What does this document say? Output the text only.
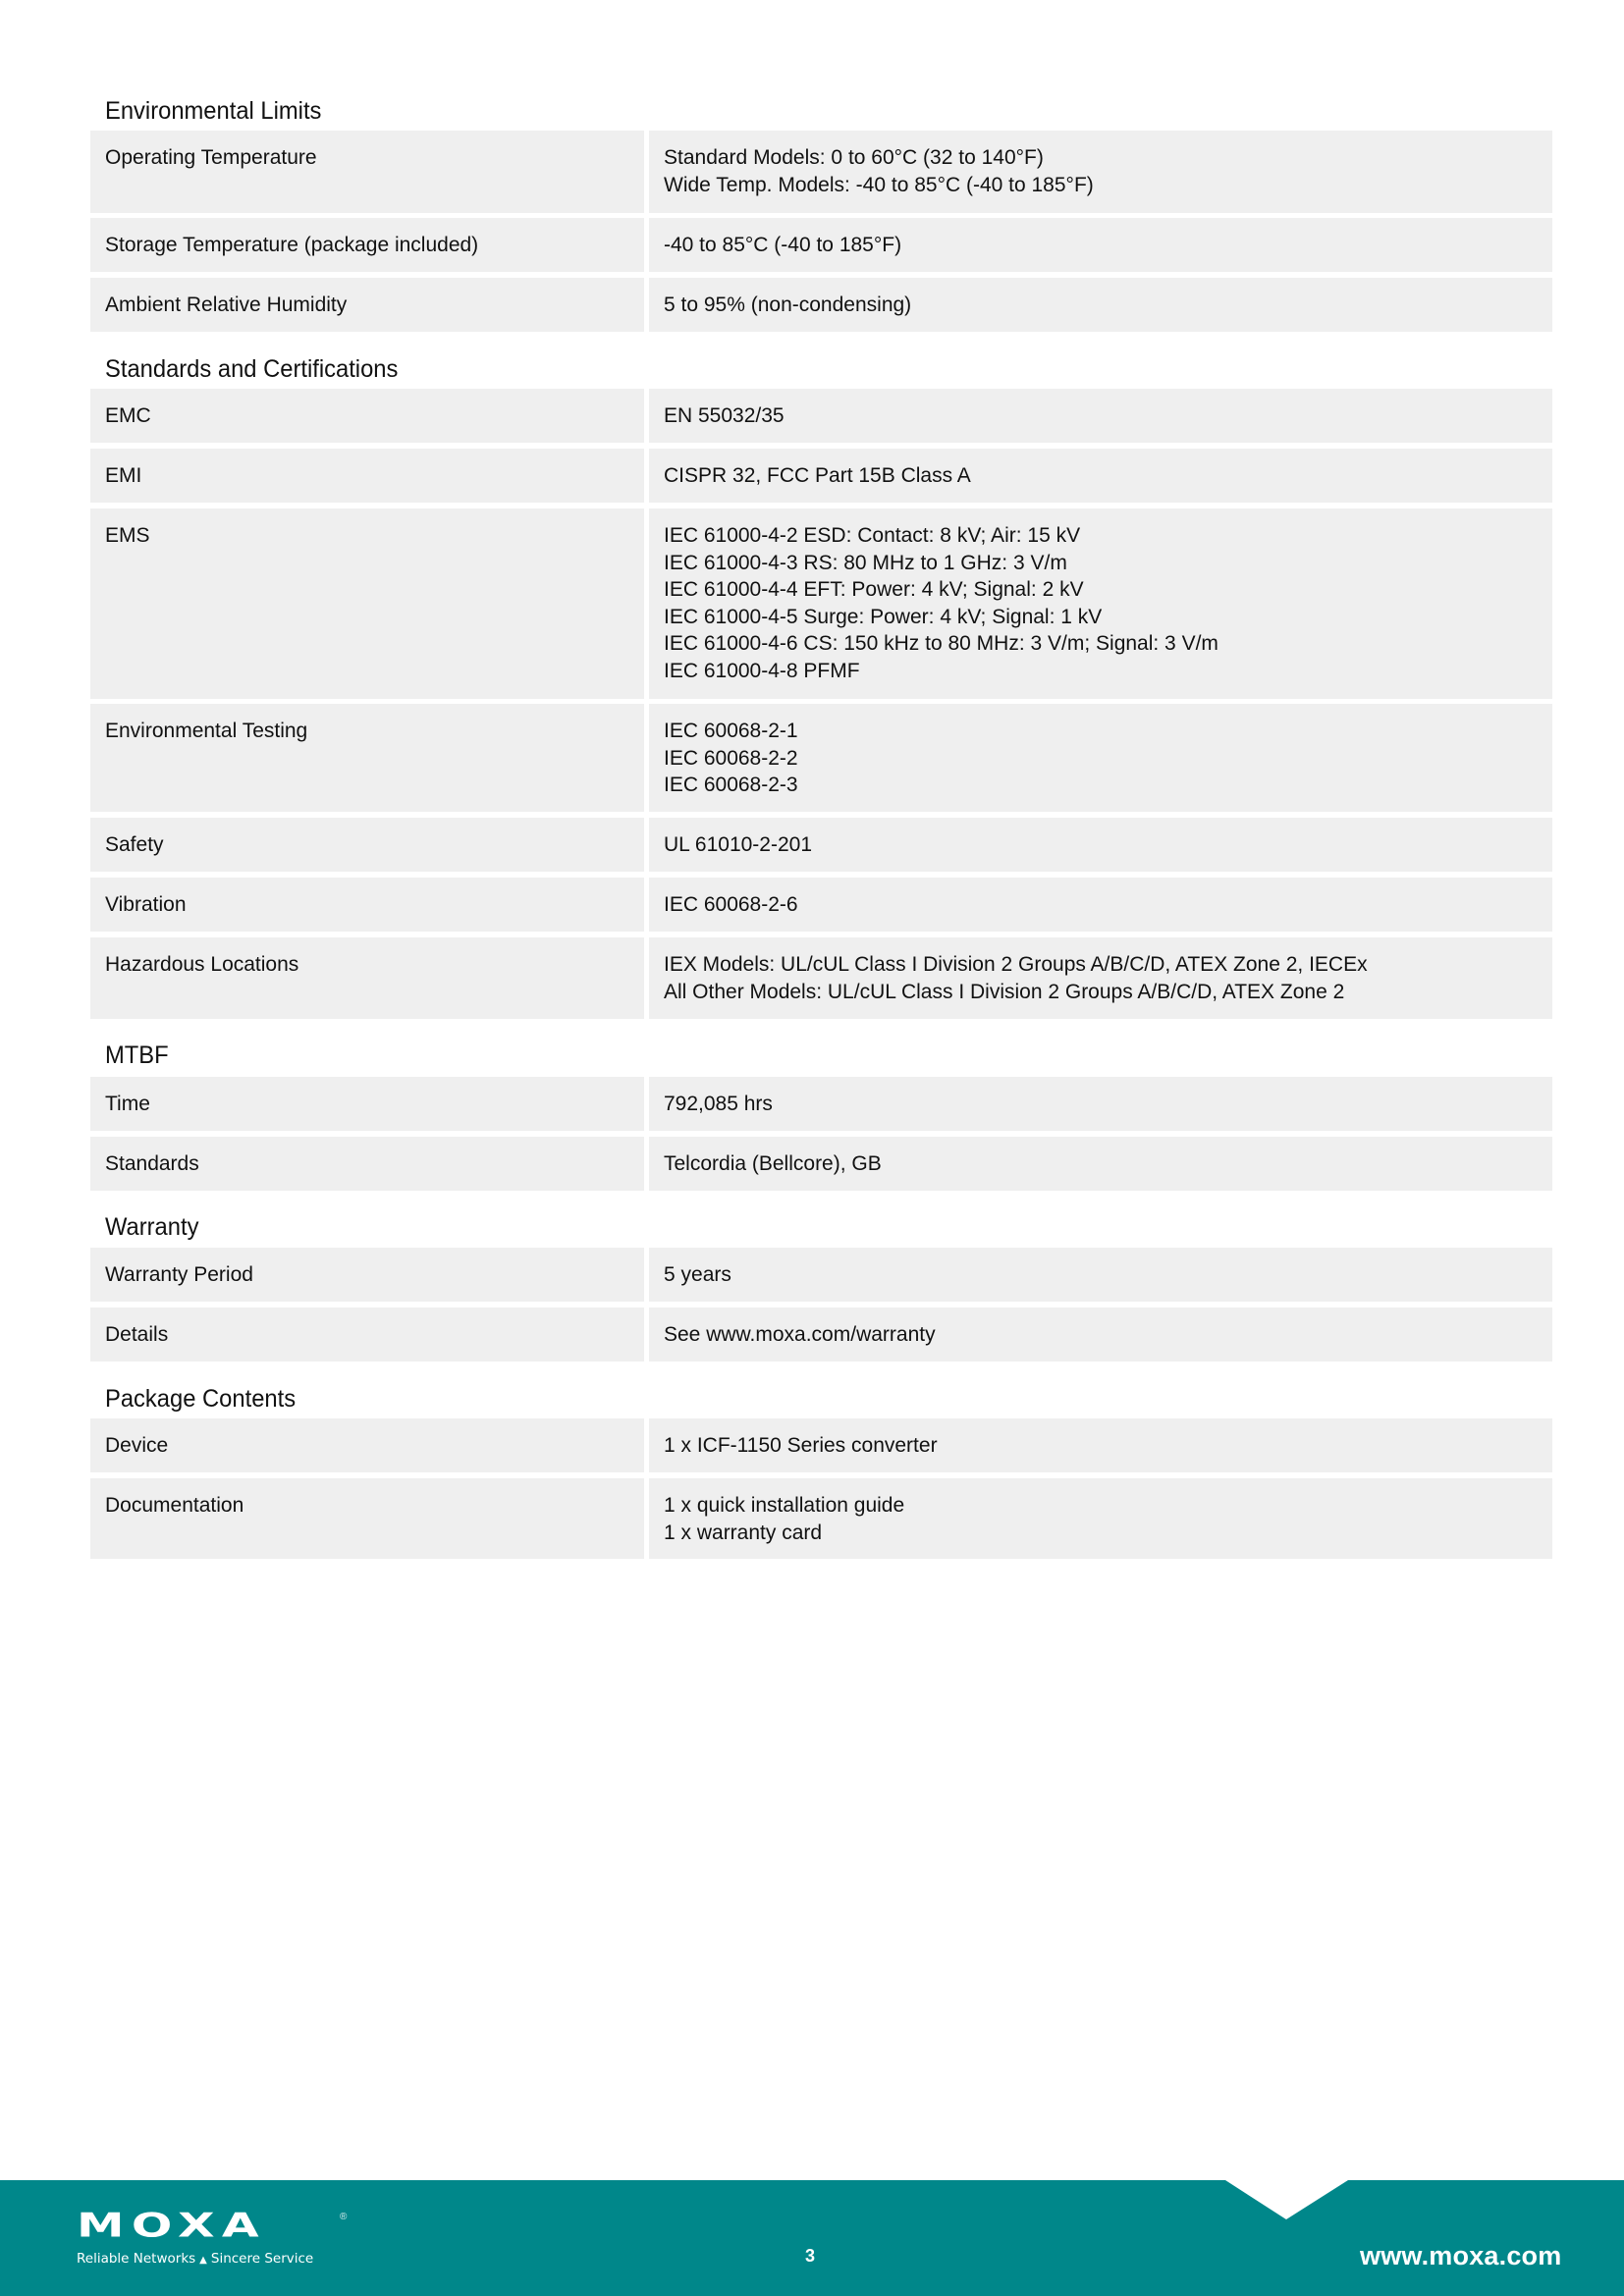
Environmental Limits
Operating Temperature	Standard Models: 0 to 60°C (32 to 140°F)
Wide Temp. Models: -40 to 85°C (-40 to 185°F)
Storage Temperature (package included)	-40 to 85°C (-40 to 185°F)
Ambient Relative Humidity	5 to 95% (non-condensing)
Standards and Certifications
EMC	EN 55032/35
EMI	CISPR 32, FCC Part 15B Class A
EMS	IEC 61000-4-2 ESD: Contact: 8 kV; Air: 15 kV
IEC 61000-4-3 RS: 80 MHz to 1 GHz: 3 V/m
IEC 61000-4-4 EFT: Power: 4 kV; Signal: 2 kV
IEC 61000-4-5 Surge: Power: 4 kV; Signal: 1 kV
IEC 61000-4-6 CS: 150 kHz to 80 MHz: 3 V/m; Signal: 3 V/m
IEC 61000-4-8 PFMF
Environmental Testing	IEC 60068-2-1
IEC 60068-2-2
IEC 60068-2-3
Safety	UL 61010-2-201
Vibration	IEC 60068-2-6
Hazardous Locations	IEX Models: UL/cUL Class I Division 2 Groups A/B/C/D, ATEX Zone 2, IECEx
All Other Models: UL/cUL Class I Division 2 Groups A/B/C/D, ATEX Zone 2
MTBF
Time	792,085 hrs
Standards	Telcordia (Bellcore), GB
Warranty
Warranty Period	5 years
Details	See www.moxa.com/warranty
Package Contents
Device	1 x ICF-1150 Series converter
Documentation	1 x quick installation guide
1 x warranty card
MOXA	®
Reliable Networks ▲ Sincere Service	3	www.moxa.com
